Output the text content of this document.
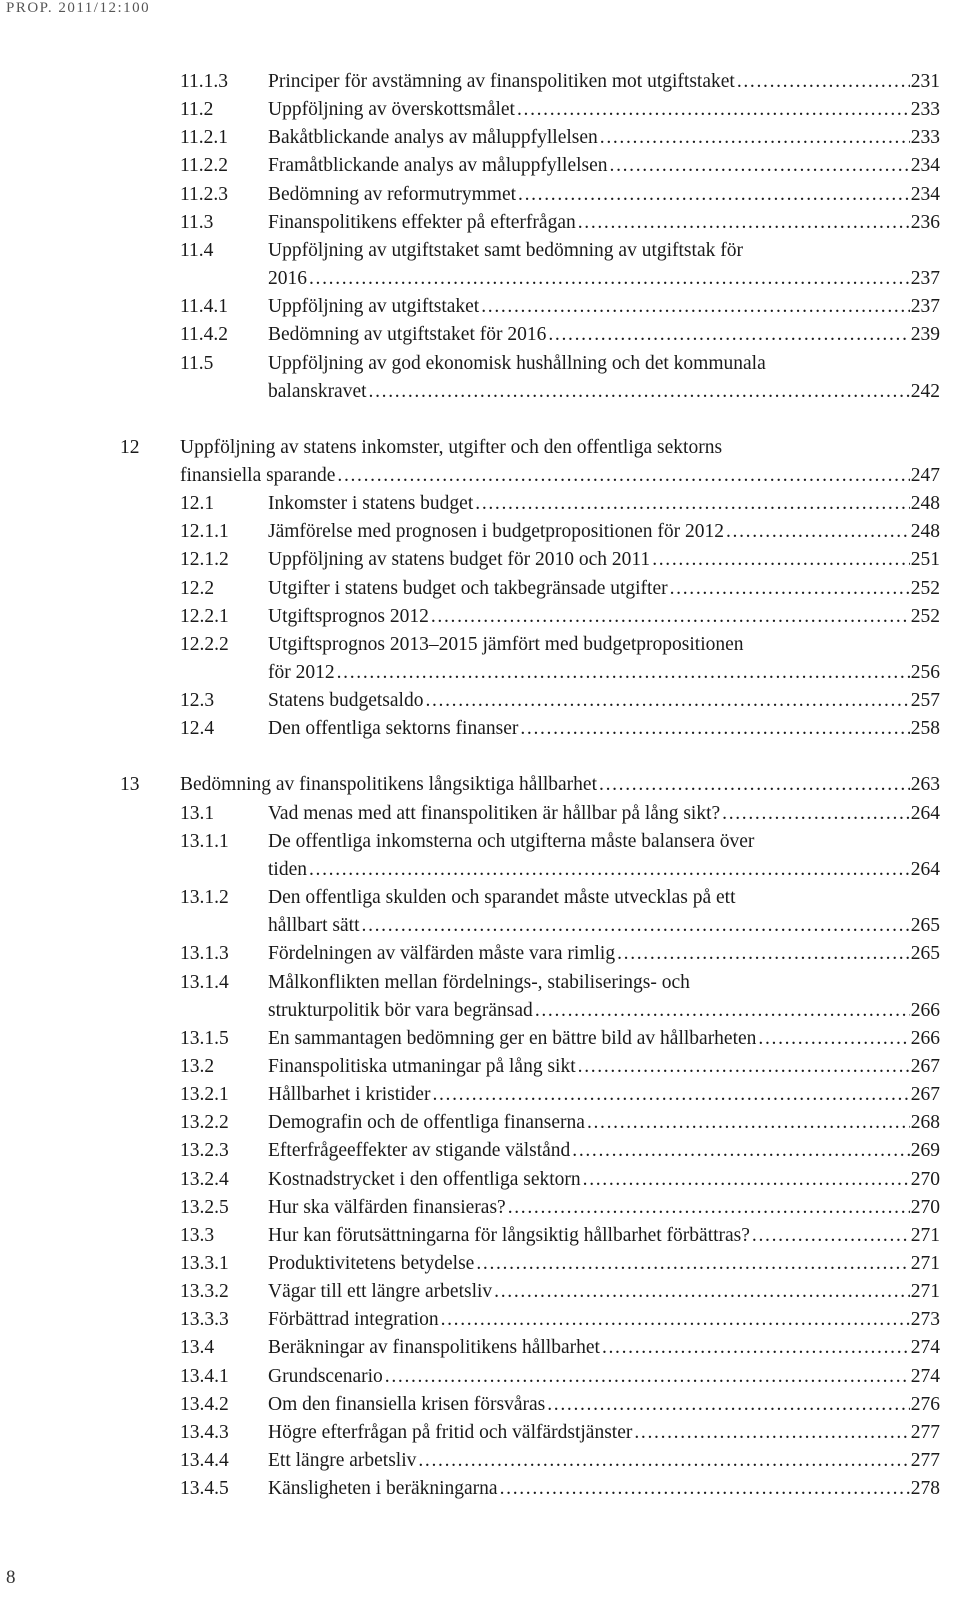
PROP. 2011/12:100
11.1.3 Principer för avstämning av finanspolitiken mot utgiftstaket . . .	231
11.2	Uppföljning av överskottsmålet . . .	233
11.2.1 Bakåtblickande analys av måluppfyllelsen . . .	233
11.2.2 Framåtblickande analys av måluppfyllelsen . . .	234
11.2.3 Bedömning av reformutrymmet . . .	234
11.3	Finanspolitikens effekter på efterfrågan . . .	236
11.4	Uppföljning av utgiftstaket samt bedömning av utgiftstak för
2016 . . .	237
11.4.1 Uppföljning av utgiftstaket . . .	237
11.4.2 Bedömning av utgiftstaket för 2016 . . .	239
11.5	Uppföljning av god ekonomisk hushållning och det kommunala
balanskravet . . .	242
12 Uppföljning av statens inkomster, utgifter och den offentliga sektorns
finansiella sparande . . .	247
12.1	Inkomster i statens budget . . .	248
12.1.1 Jämförelse med prognosen i budgetpropositionen för 2012 . . .	248
12.1.2 Uppföljning av statens budget för 2010 och 2011 . . .	251
12.2	Utgifter i statens budget och takbegränsade utgifter . . .	252
12.2.1 Utgiftsprognos 2012 . . .	252
12.2.2 Utgiftsprognos 2013–2015 jämfört med budgetpropositionen
för 2012 . . .	256
12.3	Statens budgetsaldo . . .	257
12.4	Den offentliga sektorns finanser . . .	258
13 Bedömning av finanspolitikens långsiktiga hållbarhet . . .	263
13.1	Vad menas med att finanspolitiken är hållbar på lång sikt? . . .	264
13.1.1 De offentliga inkomsterna och utgifterna måste balansera över
tiden . . .	264
13.1.2 Den offentliga skulden och sparandet måste utvecklas på ett
hållbart sätt . . .	265
13.1.3 Fördelningen av välfärden måste vara rimlig . . .	265
13.1.4 Målkonflikten mellan fördelnings-, stabiliserings- och
strukturpolitik bör vara begränsad . . .	266
13.1.5 En sammantagen bedömning ger en bättre bild av hållbarheten . . .	266
13.2	Finanspolitiska utmaningar på lång sikt . . .	267
13.2.1 Hållbarhet i kristider . . .	267
13.2.2 Demografin och de offentliga finanserna . . .	268
13.2.3 Efterfrågeeffekter av stigande välstånd . . .	269
13.2.4 Kostnadstrycket i den offentliga sektorn . . .	270
13.2.5 Hur ska välfärden finansieras? . . .	270
13.3	Hur kan förutsättningarna för långsiktig hållbarhet förbättras? . . .	271
13.3.1 Produktivitetens betydelse . . .	271
13.3.2 Vägar till ett längre arbetsliv . . .	271
13.3.3 Förbättrad integration . . .	273
13.4	Beräkningar av finanspolitikens hållbarhet . . .	274
13.4.1 Grundscenario . . .	274
13.4.2 Om den finansiella krisen försvåras . . .	276
13.4.3 Högre efterfrågan på fritid och välfärdstjänster . . .	277
13.4.4 Ett längre arbetsliv . . .	277
13.4.5 Känsligheten i beräkningarna . . .	278
8
